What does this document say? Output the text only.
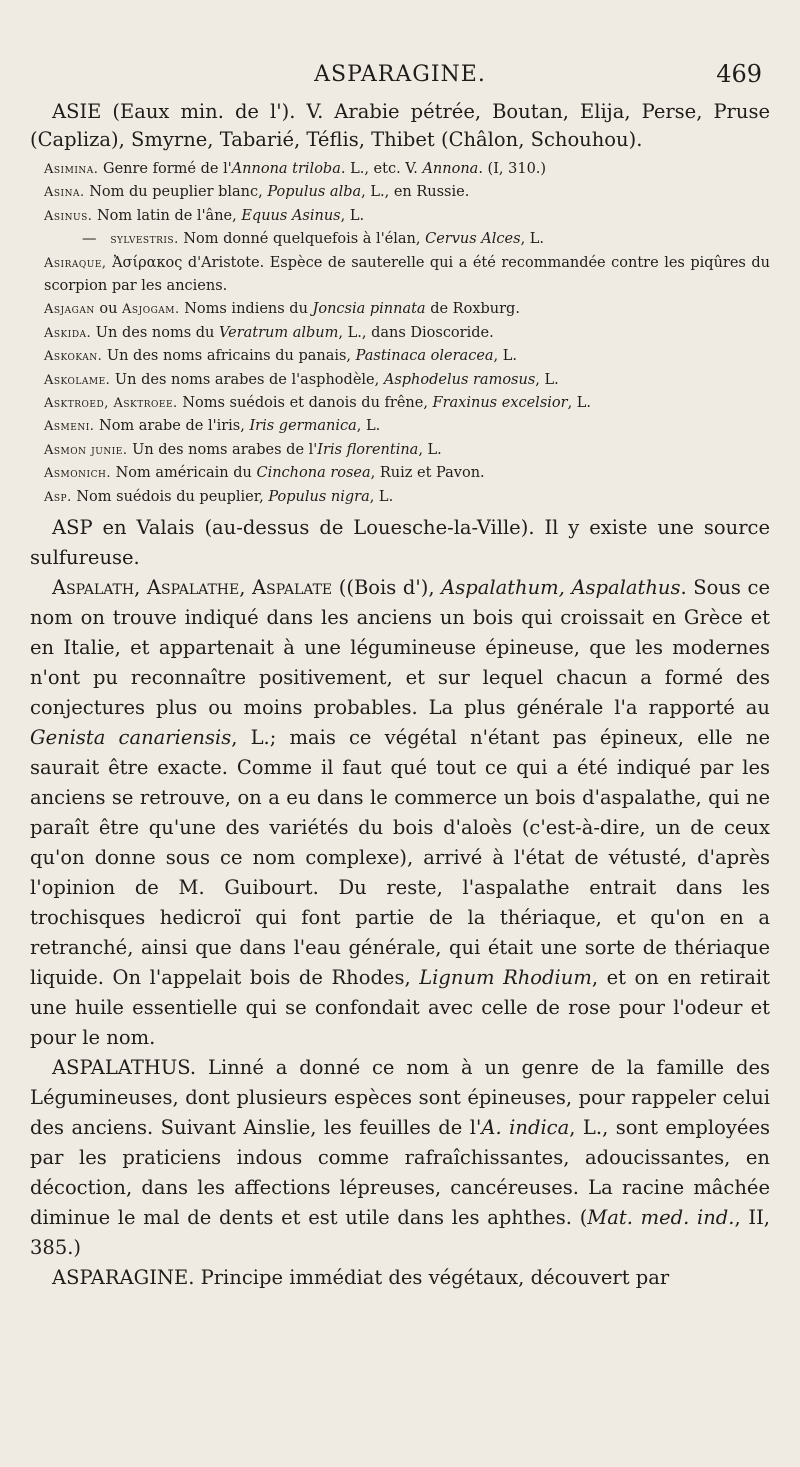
ASPARAGINE.	469

ASIE (Eaux min. de l'). V. Arabie pétrée, Boutan, Elija, Perse, Pruse (Capliza), Smyrne, Tabarié, Téflis, Thibet (Châlon, Schouhou).

Asimina. Genre formé de l'Annona triloba. L., etc. V. Annona. (I, 310.)

Asina. Nom du peuplier blanc, Populus alba, L., en Russie.

Asinus. Nom latin de l'âne, Equus Asinus, L.

— sylvestris. Nom donné quelquefois à l'élan, Cervus Alces, L.

Asiraque, Ἀσίρακος d'Aristote. Espèce de sauterelle qui a été recommandée contre les piqûres du scorpion par les anciens.

Asjagan ou Asjogam. Noms indiens du Joncsia pinnata de Roxburg.

Askida. Un des noms du Veratrum album, L., dans Dioscoride.

Askokan. Un des noms africains du panais, Pastinaca oleracea, L.

Askolame. Un des noms arabes de l'asphodèle, Asphodelus ramosus, L.

Asktroed, Asktroee. Noms suédois et danois du frêne, Fraxinus excelsior, L.

Asmeni. Nom arabe de l'iris, Iris germanica, L.

Asmon junie. Un des noms arabes de l'Iris florentina, L.

Asmonich. Nom américain du Cinchona rosea, Ruiz et Pavon.

Asp. Nom suédois du peuplier, Populus nigra, L.

ASP en Valais (au-dessus de Louesche-la-Ville). Il y existe une source sulfureuse.

Aspalath, Aspalathe, Aspalate ((Bois d'), Aspalathum, Aspalathus. Sous ce nom on trouve indiqué dans les anciens un bois qui croissait en Grèce et en Italie, et appartenait à une légumineuse épineuse, que les modernes n'ont pu reconnaître positivement, et sur lequel chacun a formé des conjectures plus ou moins probables. La plus générale l'a rapporté au Genista canariensis, L.; mais ce végétal n'étant pas épineux, elle ne saurait être exacte. Comme il faut qué tout ce qui a été indiqué par les anciens se retrouve, on a eu dans le commerce un bois d'aspalathe, qui ne paraît être qu'une des variétés du bois d'aloès (c'est-à-dire, un de ceux qu'on donne sous ce nom complexe), arrivé à l'état de vétusté, d'après l'opinion de M. Guibourt. Du reste, l'aspalathe entrait dans les trochisques hedicroï qui font partie de la thériaque, et qu'on en a retranché, ainsi que dans l'eau générale, qui était une sorte de thériaque liquide. On l'appelait bois de Rhodes, Lignum Rhodium, et on en retirait une huile essentielle qui se confondait avec celle de rose pour l'odeur et pour le nom.

ASPALATHUS. Linné a donné ce nom à un genre de la famille des Légumineuses, dont plusieurs espèces sont épineuses, pour rappeler celui des anciens. Suivant Ainslie, les feuilles de l'A. indica, L., sont employées par les praticiens indous comme rafraîchissantes, adoucissantes, en décoction, dans les affections lépreuses, cancéreuses. La racine mâchée diminue le mal de dents et est utile dans les aphthes. (Mat. med. ind., II, 385.)

ASPARAGINE. Principe immédiat des végétaux, découvert par
